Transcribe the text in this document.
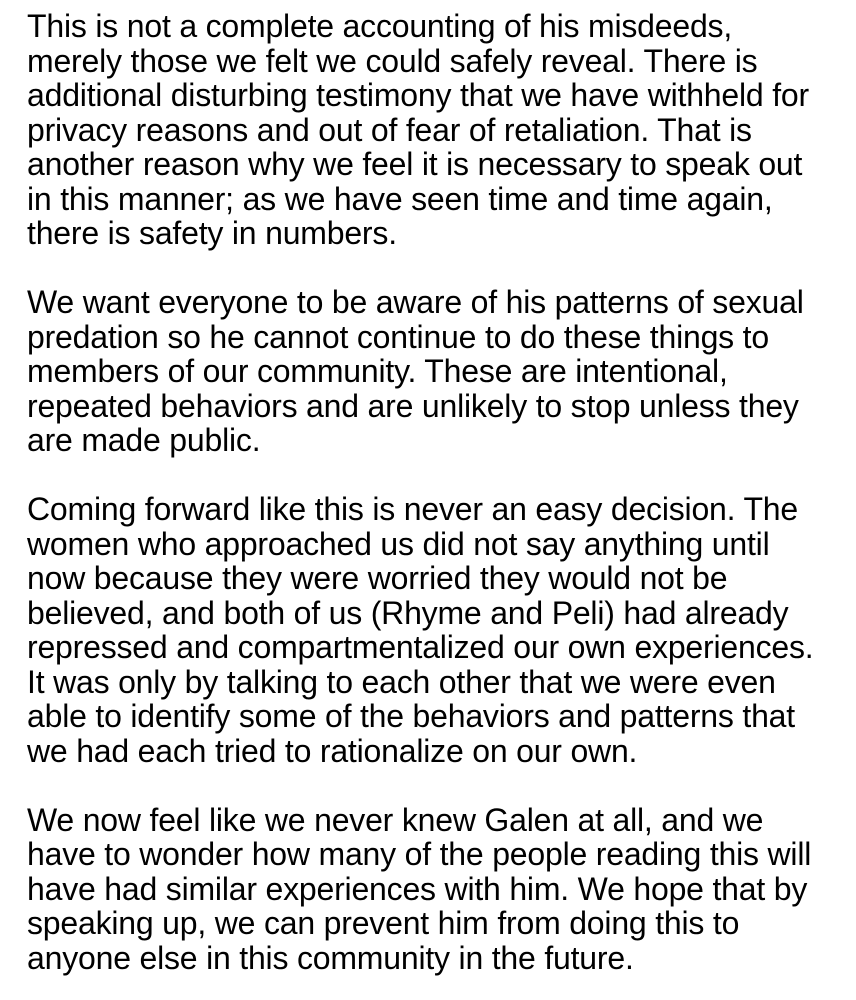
This is not a complete accounting of his misdeeds,
merely those we felt we could safely reveal. There is
additional disturbing testimony that we have withheld for
privacy reasons and out of fear of retaliation. That is
another reason why we feel it is necessary to speak out
in this manner; as we have seen time and time again,
there is safety in numbers.
We want everyone to be aware of his patterns of sexual
predation so he cannot continue to do these things to
members of our community. These are intentional,
repeated behaviors and are unlikely to stop unless they
are made public.
Coming forward like this is never an easy decision. The
women who approached us did not say anything until
now because they were worried they would not be
believed, and both of us (Rhyme and Peli) had already
repressed and compartmentalized our own experiences.
It was only by talking to each other that we were even
able to identify some of the behaviors and patterns that
we had each tried to rationalize on our own.
We now feel like we never knew Galen at all, and we
have to wonder how many of the people reading this will
have had similar experiences with him. We hope that by
speaking up, we can prevent him from doing this to
anyone else in this community in the future.
